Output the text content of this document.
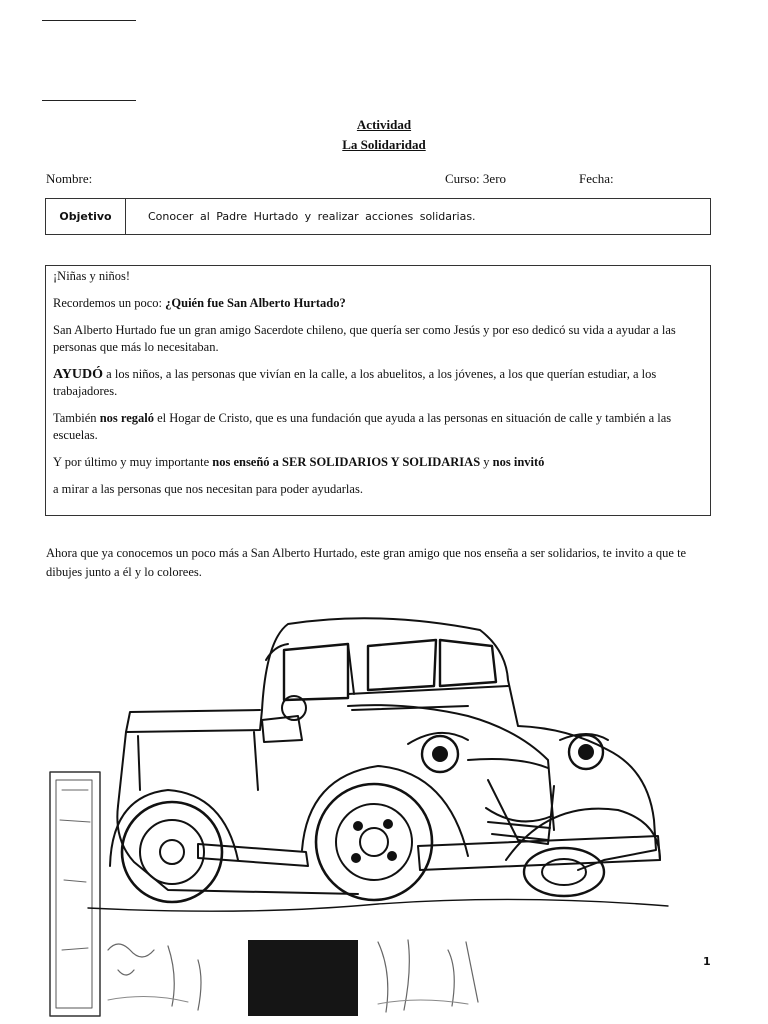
Actividad
La Solidaridad
Nombre:	Curso: 3ero	Fecha:
Objetivo	Conocer al Padre Hurtado y realizar acciones solidarias.

¡Niñas y niños!

Recordemos un poco: ¿Quién fue San Alberto Hurtado?

San Alberto Hurtado fue un gran amigo Sacerdote chileno, que quería ser como Jesús y por eso dedicó su vida a ayudar a las personas que más lo necesitaban.

AYUDÓ a los niños, a las personas que vivían en la calle, a los abuelitos, a los jóvenes, a los que querían estudiar, a los trabajadores.

También nos regaló el Hogar de Cristo, que es una fundación que ayuda a las personas en situación de calle y también a las escuelas.

Y por último y muy importante nos enseñó a SER SOLIDARIOS Y SOLIDARIAS y nos invitó

a mirar a las personas que nos necesitan para poder ayudarlas.

Ahora que ya conocemos un poco más a San Alberto Hurtado, este gran amigo que nos enseña a ser solidarios, te invito a que te dibujes junto a él y lo colorees.
1
